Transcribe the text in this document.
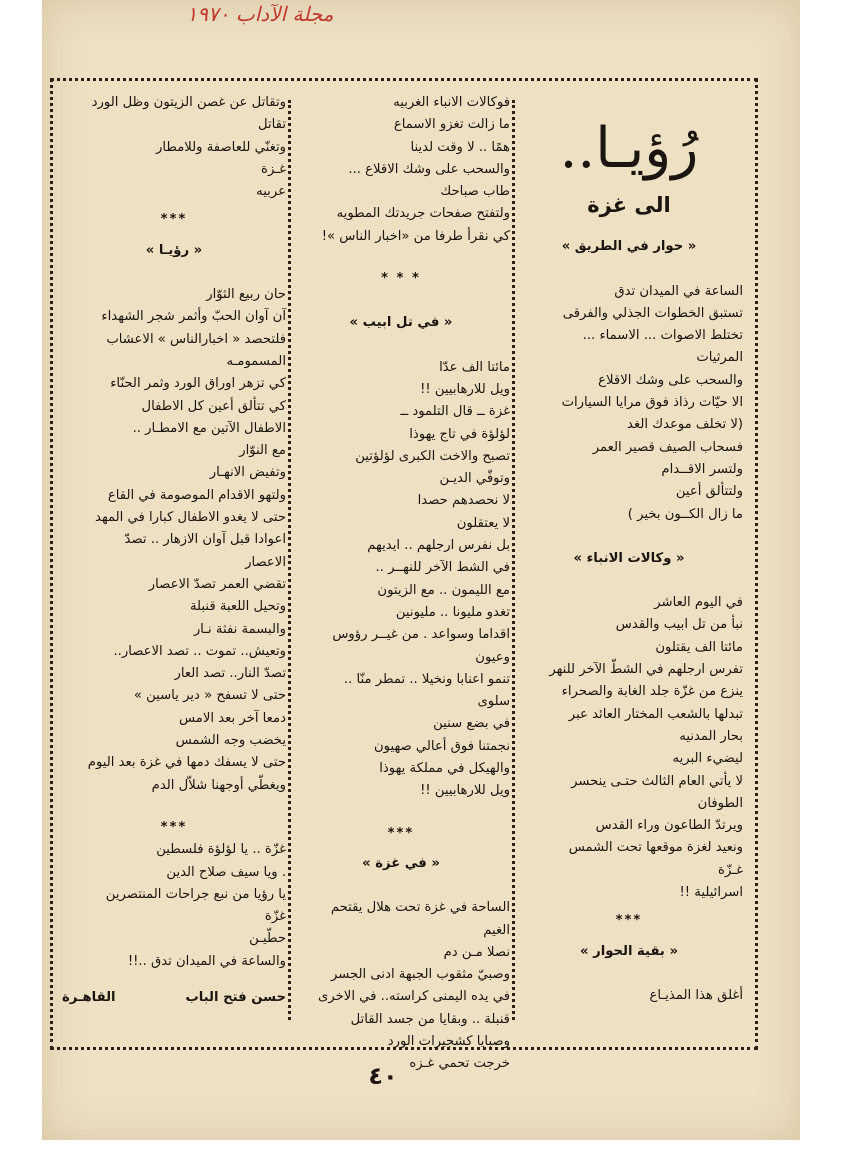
مجلة الآداب ١٩٧٠
رُؤيـا..
الى غزة
« حوار في الطريق »
الساعة في الميدان تدق
تستبق الخطوات الجذلي والفرقى
تختلط الاصوات ... الاسماء ...
المرثيات
والسحب على وشك الاقلاع
الا حيّات رذاذ فوق مرايا السيارات
(لا تخلف موعدك الغد
فسحاب الصيف قصير العمر
ولتسر الاقــدام
ولتتألق أعين
ما زال الكــون بخير )
« وكالات الانباء »
في اليوم العاشر
نبأ من تل ابيب والقدس
مائتا الف يقتلون
تفرس ارجلهم في الشطّ الآخر للنهر
ينزع من غزّة جلد الغابة والصحراء
تبدلها بالشعب المختار العائد عبر
بحار المدنيه
ليضيء البريه
لا يأتي العام الثالث حتـى ينحسر
الطوفان
ويرتدّ الطاعون وراء القدس
ونعيد لغزة موقعها تحت الشمس
غـزّة
اسرائيلية !!
***
« بقية الحوار »
أغلق هذا المذيـاع
فوكالات الانباء الغربيه
ما زالت تغزو الاسماع
همًا .. لا وقت لدينا
والسحب على وشك الاقلاع ...
طاب صباحك
ولتفتح صفحات جريدتك المطويه
كي نقرأ طرفا من «اخبار الناس »!
* * *
« في تل ابيب »
مائتا الف عدّا
ويل للارهابيين !!
غزة ــ قال التلمود ــ
لؤلؤة في تاج يهوذا
تصبح والاخت الكبرى لؤلؤتين
وتوفّي الديـن
لا نحصدهم حصدا
لا يعتقلون
بل نفرس ارجلهم .. ايديهم
في الشط الآخر للنهــر ..
مع الليمون .. مع الزيتون
تغدو مليونا .. مليونين
اقداما وسواعد . من غيــر رؤوس
وعيون
تنمو اعنابا ونخيلا .. تمطر منّا ..
سلوى
في بضع سنين
نجمتنا فوق أعالي صهيون
والهيكل في مملكة يهوذا
ويل للارهابيين !!
***
« في غزة »
الساحة في غزة تحت هلال يقتحم
الغيم
نصلا مـن دم
وصبيّ مثقوب الجبهة ادنى الجسر
في يده اليمنى كراسته.. في الاخرى
قنبلة .. وبقايا من جسد القاتل
وصبايا كشجيرات الورد
خرجت تحمي غـزه
وتقاتل عن غصن الزيتون وظل الورد
تقاتل
وتغنّي للعاصفة وللامطار
غـزة
عربيه
***
« رؤيـا »
حان ربيع الثوّار
آن آوان الحبّ وأثمر شجر الشهداء
فلتحصد « اخبارالناس » الاعشاب
المسمومـه
كي تزهر اوراق الورد وثمر الحنّاء
كي تتألق أعين كل الاطفال
الاطفال الآتين مع الامطـار ..
مع النوّار
وتفيض الانهـار
ولتهو الاقدام الموصومة في القاع
حتى لا يغدو الاطفال كبارا في المهد
اعوادا قبل آوان الازهار .. تصدّ
الاعصار
تقضي العمر تصدّ الاعصار
وتحيل اللعبة قنبلة
والبسمة نفثة نـار
وتعيش.. تموت .. تصد الاعصار..
تصدّ النار.. تصد العار
حتى لا تسفح « دير ياسين »
دمعا آخر بعد الامس
يخضب وجه الشمس
حتى لا يسفك دمها في غزة بعد اليوم
ويغطّي أوجهنا شلاّل الدم
***
غزّة .. يا لؤلؤة فلسطين
. ويا سيف صلاح الدين
يا رؤيا من نبع جراحات المنتصرين
غزّة
حطّيـن
والساعة في الميدان تدق ..!!
حسن فتح الباب
القاهـرة
٤٠
